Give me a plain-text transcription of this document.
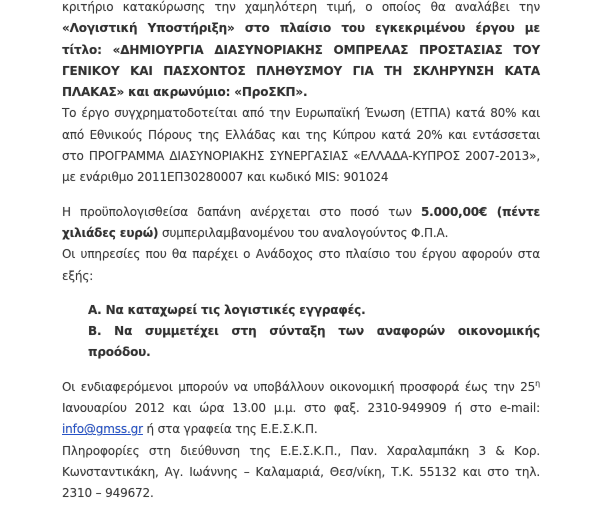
κριτήριο κατακύρωσης την χαμηλότερη τιμή, ο οποίος θα αναλάβει την «Λογιστική Υποστήριξη» στο πλαίσιο του εγκεκριμένου έργου με τίτλο: «ΔΗΜΙΟΥΡΓΙΑ ΔΙΑΣΥΝΟΡΙΑΚΗΣ ΟΜΠΡΕΛΑΣ ΠΡΟΣΤΑΣΙΑΣ ΤΟΥ ΓΕΝΙΚΟΥ ΚΑΙ ΠΑΣΧΟΝΤΟΣ ΠΛΗΘΥΣΜΟΥ ΓΙΑ ΤΗ ΣΚΛΗΡΥΝΣΗ ΚΑΤΑ ΠΛΑΚΑΣ» και ακρωνύμιο: «ΠροΣΚΠ».

Το έργο συγχρηματοδοτείται από την Ευρωπαϊκή Ένωση (ΕΤΠΑ) κατά 80% και από Εθνικούς Πόρους της Ελλάδας και της Κύπρου κατά 20% και εντάσσεται στο ΠΡΟΓΡΑΜΜΑ ΔΙΑΣΥΝΟΡΙΑΚΗΣ ΣΥΝΕΡΓΑΣΙΑΣ «ΕΛΛΑΔΑ-ΚΥΠΡΟΣ 2007-2013», με ενάριθμο 2011ΕΠ30280007 και κωδικό MIS: 901024

Η προϋπολογισθείσα δαπάνη ανέρχεται στο ποσό των 5.000,00€ (πέντε χιλιάδες ευρώ) συμπεριλαμβανομένου του αναλογούντος Φ.Π.Α.

Οι υπηρεσίες που θα παρέχει ο Ανάδοχος στο πλαίσιο του έργου αφορούν στα εξής:

Α. Να καταχωρεί τις λογιστικές εγγραφές.

Β. Να συμμετέχει στη σύνταξη των αναφορών οικονομικής προόδου.

Οι ενδιαφερόμενοι μπορούν να υποβάλλουν οικονομική προσφορά έως την $25^\eta$ Ιανουαρίου 2012 και ώρα 13.00 μ.μ. στο φαξ. 2310-949909 ή στο e-mail: info@gmss.gr ή στα γραφεία της Ε.Ε.Σ.Κ.Π.

Πληροφορίες στη διεύθυνση της Ε.Ε.Σ.Κ.Π., Παν. Χαραλαμπάκη 3 & Κορ. Κωνσταντικάκη, Αγ. Ιωάννης – Καλαμαριά, Θεσ/νίκη, Τ.Κ. 55132 και στο τηλ. 2310 – 949672.
